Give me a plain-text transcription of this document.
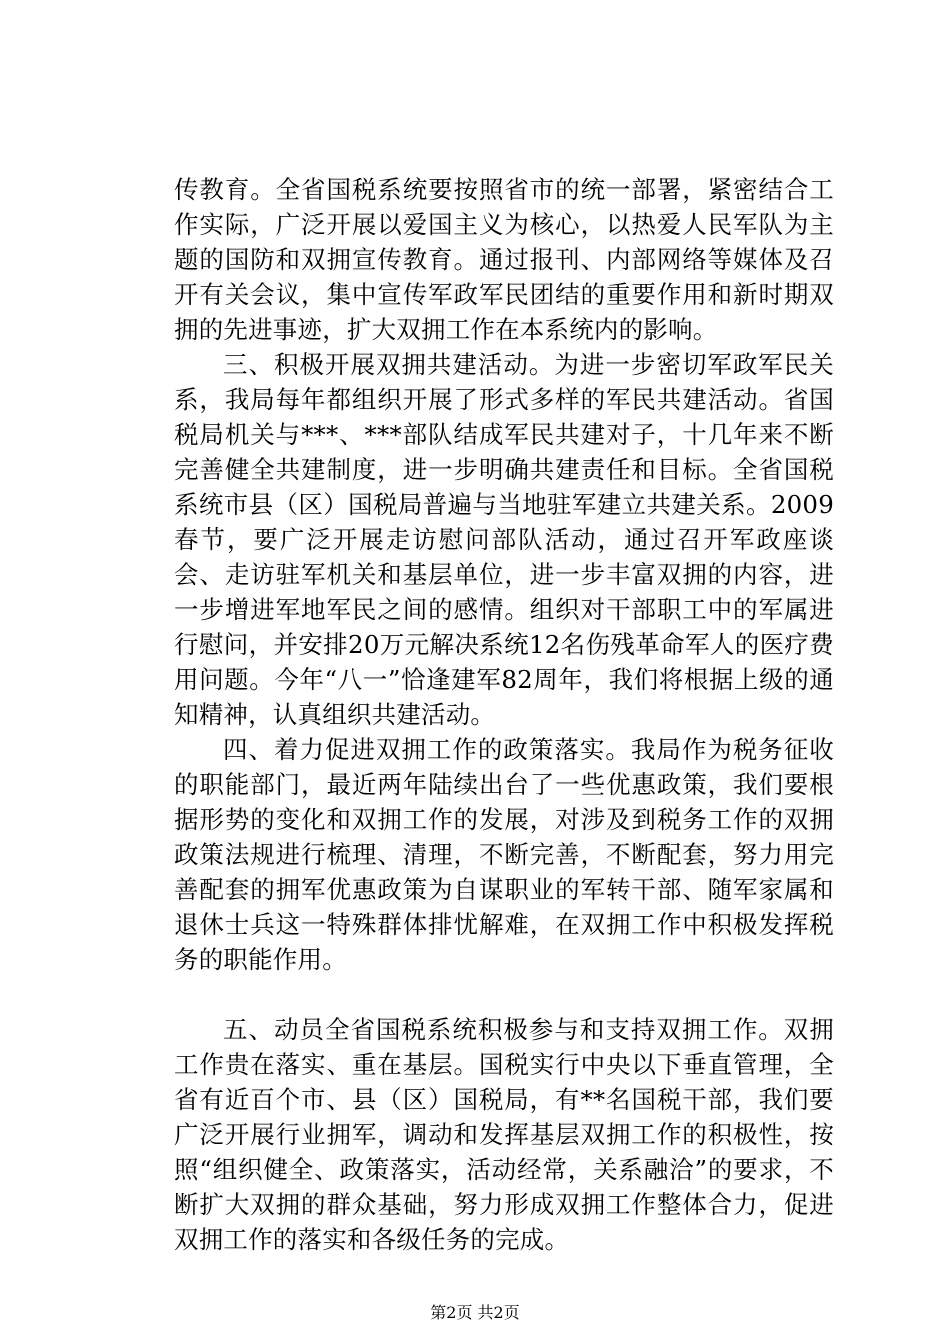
传教育。全省国税系统要按照省市的统一部署，紧密结合工作实际，广泛开展以爱国主义为核心，以热爱人民军队为主题的国防和双拥宣传教育。通过报刊、内部网络等媒体及召开有关会议，集中宣传军政军民团结的重要作用和新时期双拥的先进事迹，扩大双拥工作在本系统内的影响。

三、积极开展双拥共建活动。为进一步密切军政军民关系，我局每年都组织开展了形式多样的军民共建活动。省国税局机关与***、***部队结成军民共建对子，十几年来不断完善健全共建制度，进一步明确共建责任和目标。全省国税系统市县（区）国税局普遍与当地驻军建立共建关系。2009春节，要广泛开展走访慰问部队活动，通过召开军政座谈会、走访驻军机关和基层单位，进一步丰富双拥的内容，进一步增进军地军民之间的感情。组织对干部职工中的军属进行慰问，并安排20万元解决系统12名伤残革命军人的医疗费用问题。今年“八一”恰逢建军82周年，我们将根据上级的通知精神，认真组织共建活动。

四、着力促进双拥工作的政策落实。我局作为税务征收的职能部门，最近两年陆续出台了一些优惠政策，我们要根据形势的变化和双拥工作的发展，对涉及到税务工作的双拥政策法规进行梳理、清理，不断完善，不断配套，努力用完善配套的拥军优惠政策为自谋职业的军转干部、随军家属和退休士兵这一特殊群体排忧解难，在双拥工作中积极发挥税务的职能作用。

五、动员全省国税系统积极参与和支持双拥工作。双拥工作贵在落实、重在基层。国税实行中央以下垂直管理，全省有近百个市、县（区）国税局，有**名国税干部，我们要广泛开展行业拥军，调动和发挥基层双拥工作的积极性，按照“组织健全、政策落实，活动经常，关系融洽”的要求，不断扩大双拥的群众基础，努力形成双拥工作整体合力，促进双拥工作的落实和各级任务的完成。

第2页 共2页
